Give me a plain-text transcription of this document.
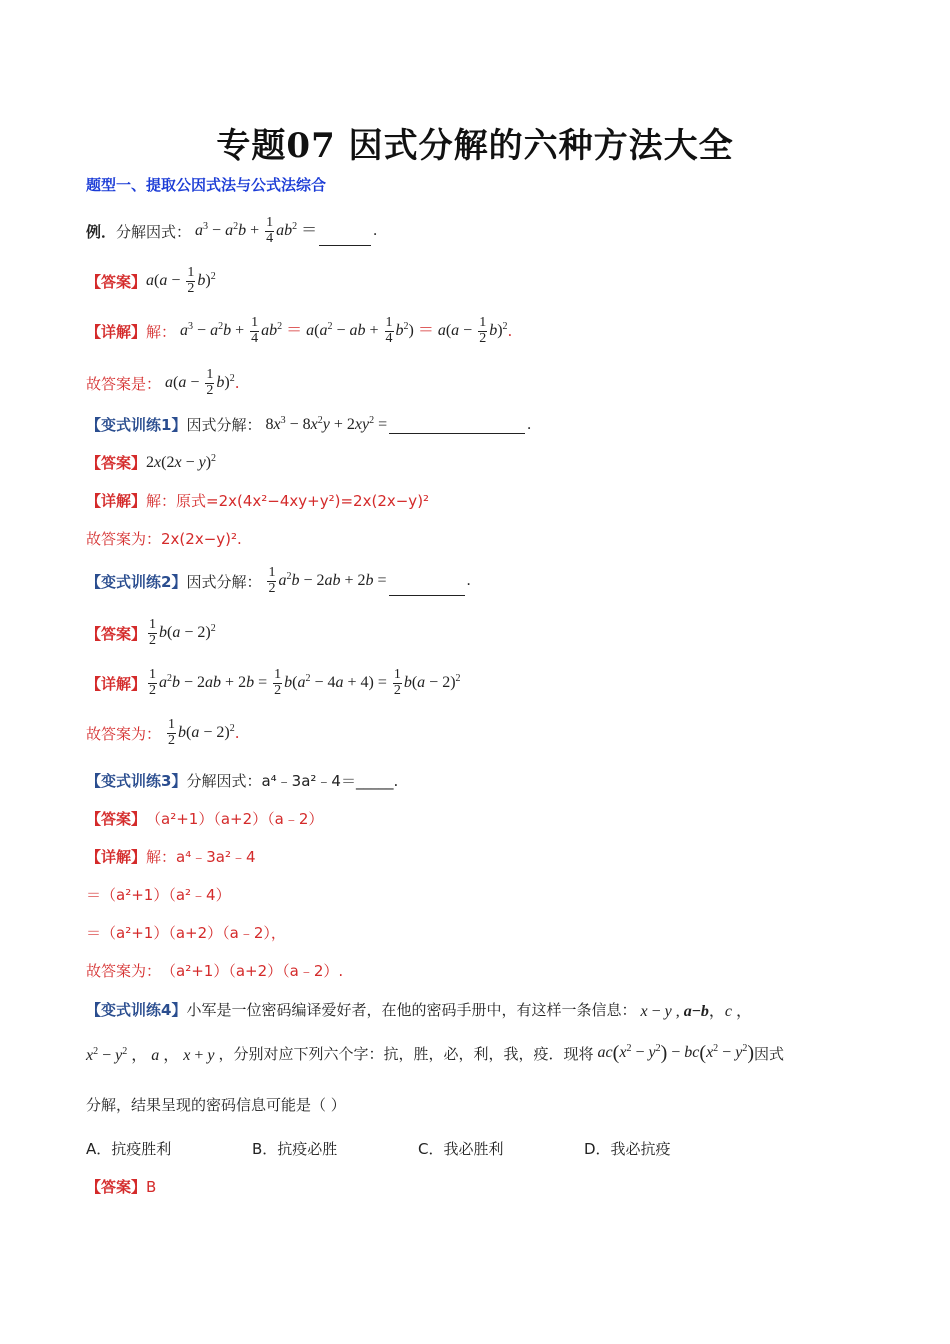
专题07 因式分解的六种方法大全
题型一、提取公因式法与公式法综合
例． 分解因式： $a^3 - a^2b + \frac{1}{4} ab^2$ ＝	.
【答案】 $a(a - \frac{1}{2} b)^2$
【详解】 解： $a^3 - a^2b + \frac{1}{4} ab^2 = a(a^2$ − ab + $\frac{1}{4} b^2) = a(a - \frac{1}{2} b)^2$ .
故答案是： $a(a - \frac{1}{2} b)^2$ .
【变式训练1】 因式分解： $8x^3 - 8x^2y + 2xy^2$ =	.
【答案】 $2x(2x - y)^2$
【详解】 解： 原式=2x(4x²−4xy+y²)=2x(2x−y)²
故答案为： 2x(2x−y)².
【变式训练2】 因式分解：
$\frac{1}{2} a^2b - 2ab + 2b$ =	.
【答案】 $\frac{1}{2} b(a - 2)^2$
【详解】 $\frac{1}{2} a^2b - 2ab + 2b = \frac{1}{2} b(a^2 - 4a + 4) = \frac{1}{2} b(a - 2)^2$
故答案为：
$\frac{1}{2} b(a - 2)^2$ .
【变式训练3】 分解因式： a⁴﹣3a²﹣4＝_____.
【答案】 （a²+1）（a+2）（a﹣2）
【详解】 解： a⁴﹣3a²﹣4
＝（a²+1）（a²﹣4）
＝（a²+1）（a+2）（a﹣2），
故答案为： （a²+1）（a+2）（a﹣2）.
【变式训练4】 小军是一位密码编译爱好者，在他的密码手册中，有这样一条信息： x − y , a−b，c ，
$x^2 - y^2$ ， a ， x + y ，分别对应下列六个字：抗，胜，必，利，我，疫．现将 $ac(x^2 - y^2) - bc(x^2 - y^2)$ 因式
分解，结果呈现的密码信息可能是（ ）
A．抗疫胜利	B．抗疫必胜	C．我必胜利	D．我必抗疫
【答案】 B
